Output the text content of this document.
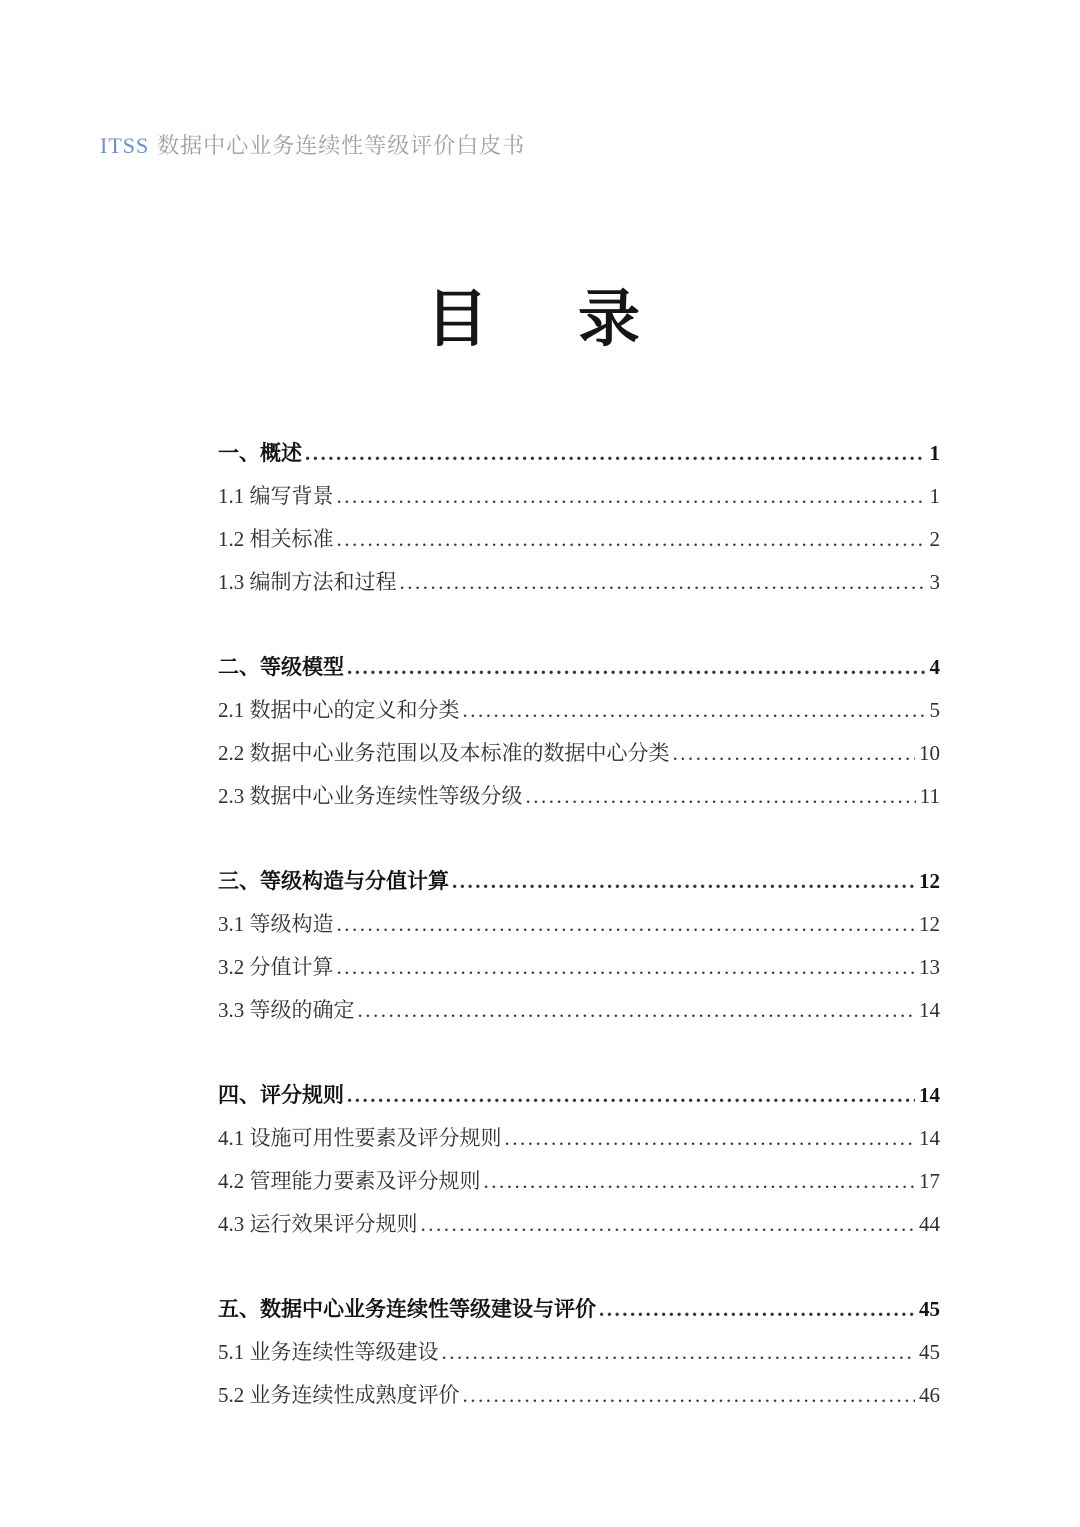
ITSS 数据中心业务连续性等级评价白皮书
目　录
一、概述 .....	1
1.1 编写背景 .....	1
1.2 相关标准 .....	2
1.3 编制方法和过程 .....	3
二、等级模型 .....	4
2.1 数据中心的定义和分类 .....	5
2.2 数据中心业务范围以及本标准的数据中心分类 .....	10
2.3 数据中心业务连续性等级分级 .....	11
三、等级构造与分值计算 .....	12
3.1 等级构造 .....	12
3.2 分值计算 .....	13
3.3 等级的确定 .....	14
四、评分规则 .....	14
4.1 设施可用性要素及评分规则 .....	14
4.2 管理能力要素及评分规则 .....	17
4.3 运行效果评分规则 .....	44
五、数据中心业务连续性等级建设与评价 .....	45
5.1 业务连续性等级建设 .....	45
5.2 业务连续性成熟度评价 .....	46
